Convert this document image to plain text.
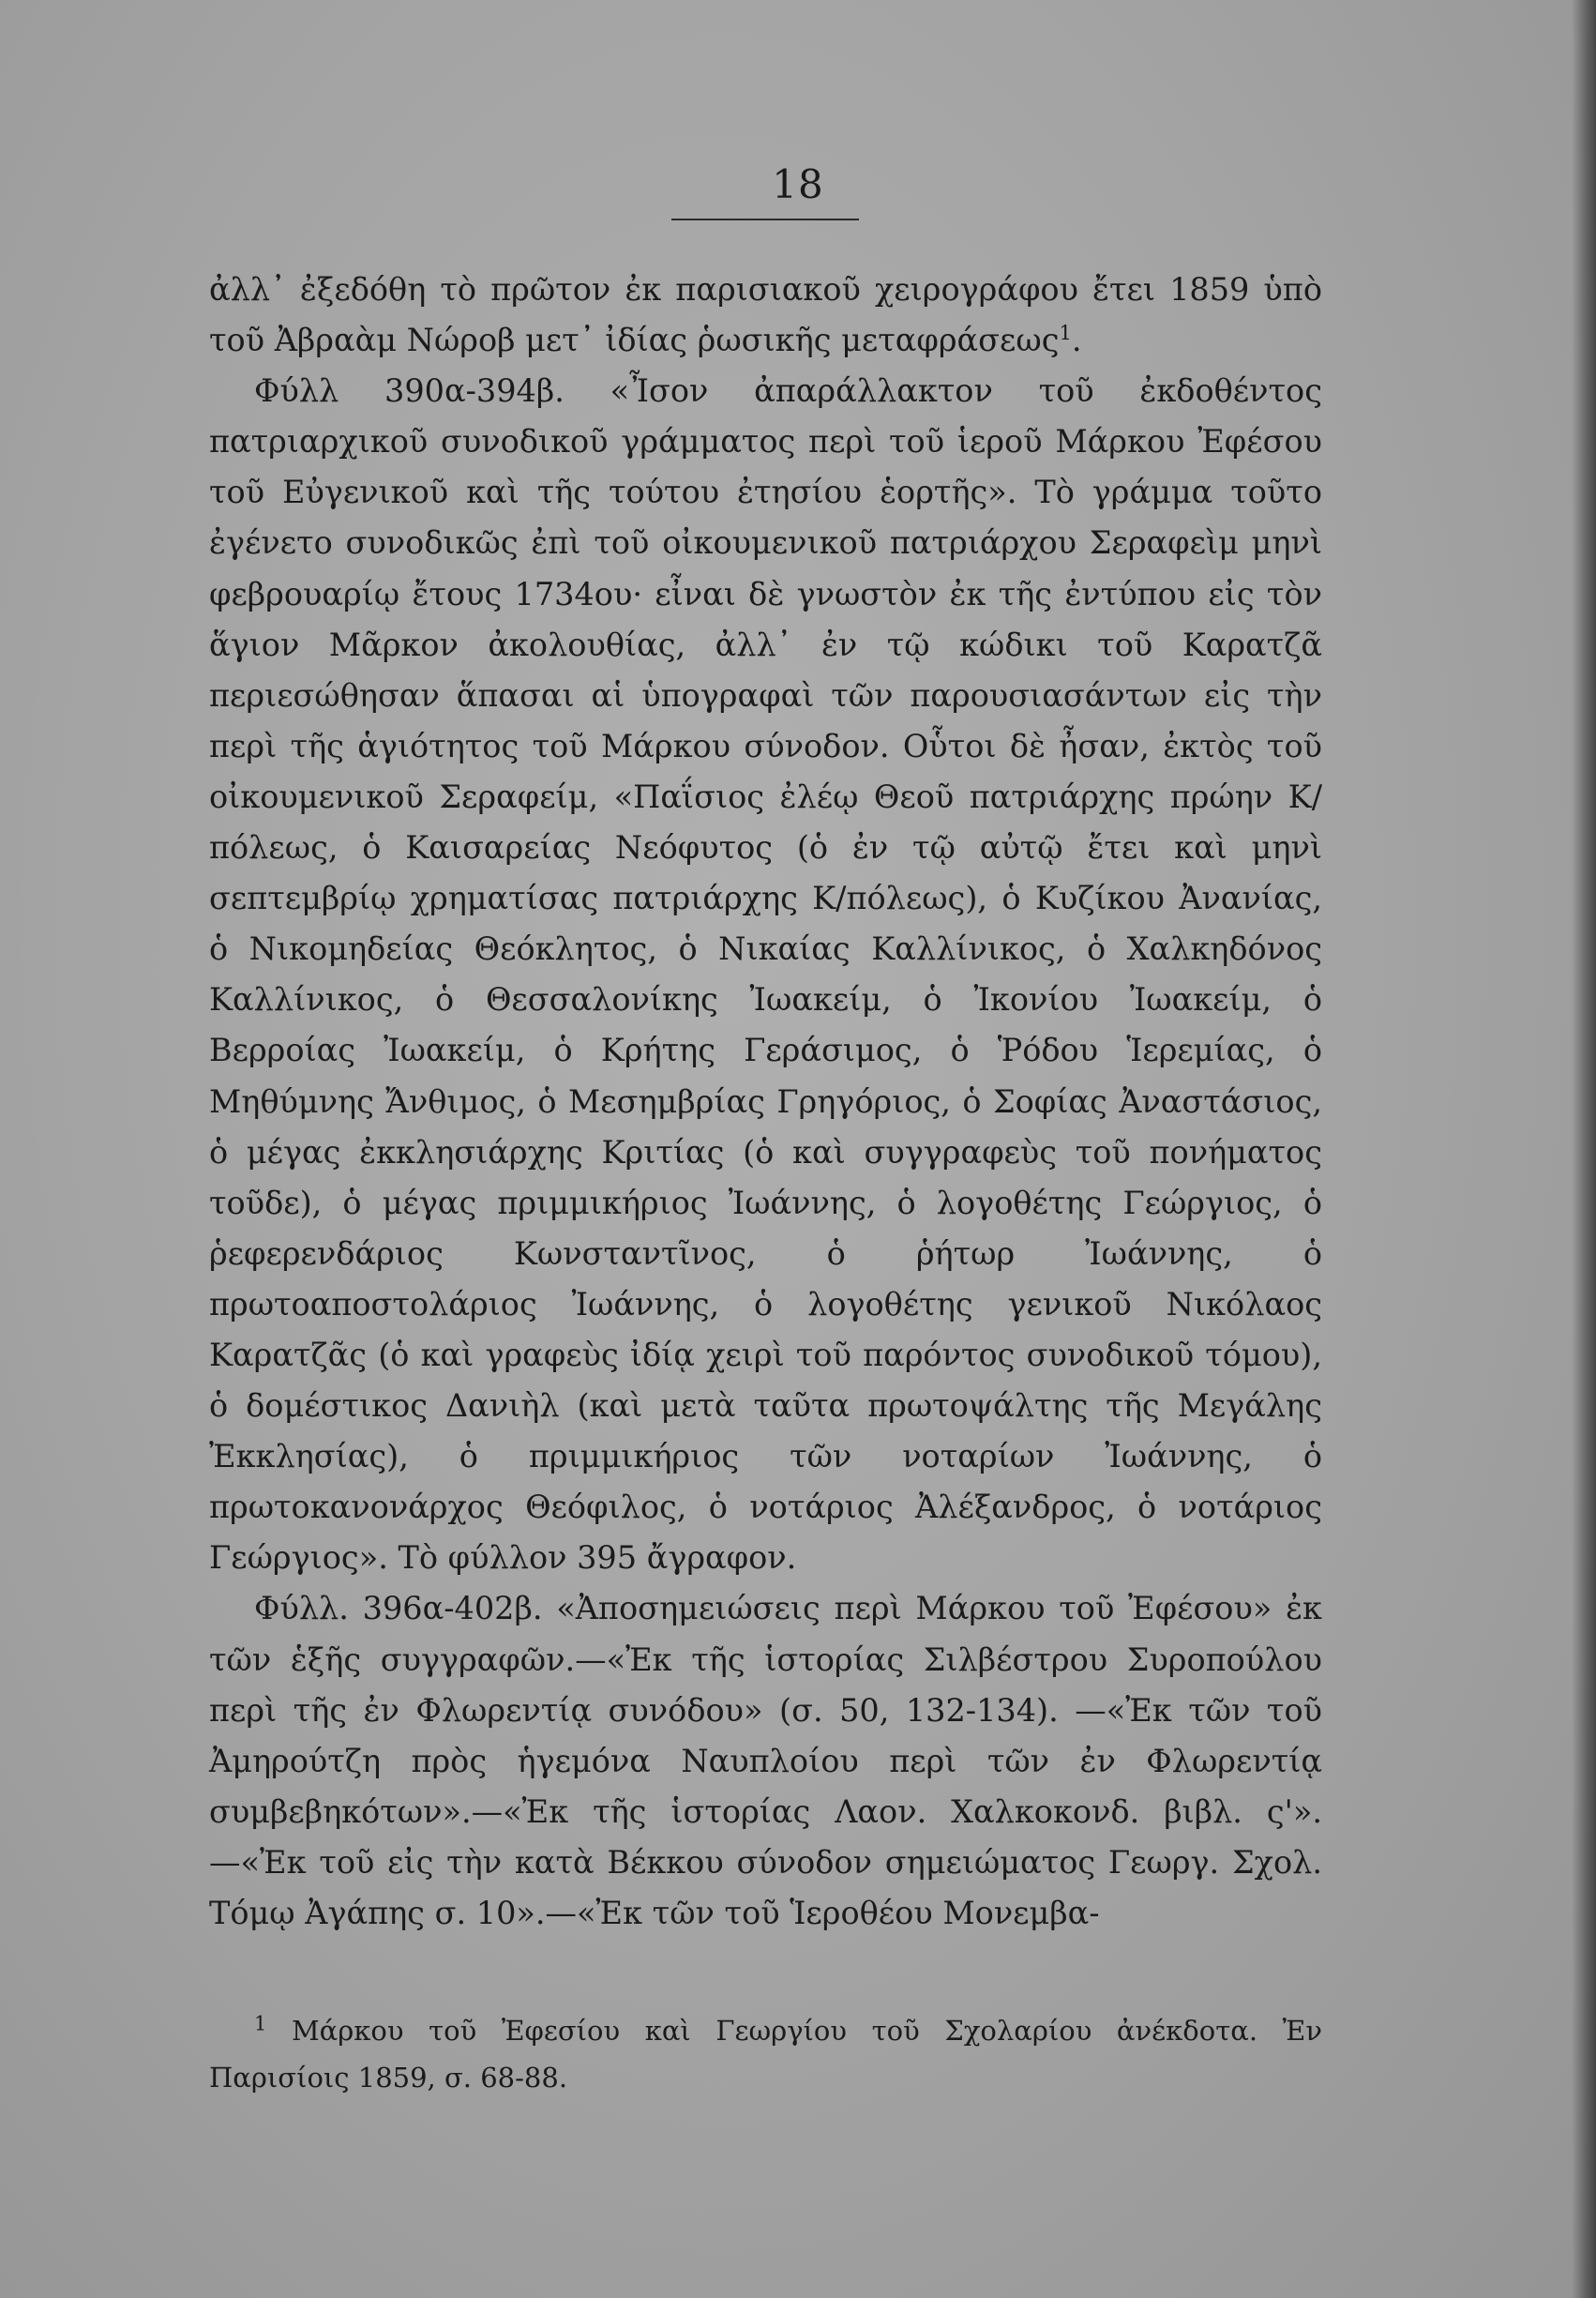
18

ἀλλ᾽ ἐξεδόθη τὸ πρῶτον ἐκ παρισιακοῦ χειρογράφου ἔτει 1859 ὑπὸ τοῦ Ἀβραὰμ Νώροβ μετ᾽ ἰδίας ῥωσικῆς μεταφράσεως$^1$.

Φύλλ 390α-394β. «Ἶσον ἀπαράλλακτον τοῦ ἐκδοθέντος πατριαρχικοῦ συνοδικοῦ γράμματος περὶ τοῦ ἱεροῦ Μάρκου Ἐφέσου τοῦ Εὐγενικοῦ καὶ τῆς τούτου ἐτησίου ἑορτῆς». Τὸ γράμμα τοῦτο ἐγένετο συνοδικῶς ἐπὶ τοῦ οἰκουμενικοῦ πατριάρχου Σεραφεὶμ μηνὶ φεβρουαρίῳ ἔτους 1734ου· εἶναι δὲ γνωστὸν ἐκ τῆς ἐντύπου εἰς τὸν ἅγιον Μᾶρκον ἀκολουθίας, ἀλλ᾽ ἐν τῷ κώδικι τοῦ Καρατζᾶ περιεσώθησαν ἅπασαι αἱ ὑπογραφαὶ τῶν παρουσιασάντων εἰς τὴν περὶ τῆς ἁγιότητος τοῦ Μάρκου σύνοδον. Οὗτοι δὲ ἦσαν, ἐκτὸς τοῦ οἰκουμενικοῦ Σεραφείμ, «Παΐσιος ἐλέῳ Θεοῦ πατριάρχης πρώην Κ/πόλεως, ὁ Καισαρείας Νεόφυτος (ὁ ἐν τῷ αὐτῷ ἔτει καὶ μηνὶ σεπτεμβρίῳ χρηματίσας πατριάρχης Κ/πόλεως), ὁ Κυζίκου Ἀνανίας, ὁ Νικομηδείας Θεόκλητος, ὁ Νικαίας Καλλίνικος, ὁ Χαλκηδόνος Καλλίνικος, ὁ Θεσσαλονίκης Ἰωακείμ, ὁ Ἰκονίου Ἰωακείμ, ὁ Βερροίας Ἰωακείμ, ὁ Κρήτης Γεράσιμος, ὁ Ῥόδου Ἱερεμίας, ὁ Μηθύμνης Ἄνθιμος, ὁ Μεσημβρίας Γρηγόριος, ὁ Σοφίας Ἀναστάσιος, ὁ μέγας ἐκκλησιάρχης Κριτίας (ὁ καὶ συγγραφεὺς τοῦ πονήματος τοῦδε), ὁ μέγας πριμμικήριος Ἰωάννης, ὁ λογοθέτης Γεώργιος, ὁ ῥεφερενδάριος Κωνσταντῖνος, ὁ ῥήτωρ Ἰωάννης, ὁ πρωτοαποστολάριος Ἰωάννης, ὁ λογοθέτης γενικοῦ Νικόλαος Καρατζᾶς (ὁ καὶ γραφεὺς ἰδίᾳ χειρὶ τοῦ παρόντος συνοδικοῦ τόμου), ὁ δομέστικος Δανιὴλ (καὶ μετὰ ταῦτα πρωτοψάλτης τῆς Μεγάλης Ἐκκλησίας), ὁ πριμμικήριος τῶν νοταρίων Ἰωάννης, ὁ πρωτοκανονάρχος Θεόφιλος, ὁ νοτάριος Ἀλέξανδρος, ὁ νοτάριος Γεώργιος». Τὸ φύλλον 395 ἄγραφον.

Φύλλ. 396α-402β. «Ἀποσημειώσεις περὶ Μάρκου τοῦ Ἐφέσου» ἐκ τῶν ἑξῆς συγγραφῶν.—«Ἐκ τῆς ἱστορίας Σιλβέστρου Συροπούλου περὶ τῆς ἐν Φλωρεντίᾳ συνόδου» (σ. 50, 132-134). —«Ἐκ τῶν τοῦ Ἀμηρούτζη πρὸς ἡγεμόνα Ναυπλοίου περὶ τῶν ἐν Φλωρεντίᾳ συμβεβηκότων».—«Ἐκ τῆς ἱστορίας Λαον. Χαλκοκονδ. βιβλ. ς'».—«Ἐκ τοῦ εἰς τὴν κατὰ Βέκκου σύνοδον σημειώματος Γεωργ. Σχολ. Τόμῳ Ἀγάπης σ. 10».—«Ἐκ τῶν τοῦ Ἱεροθέου Μονεμβα-

$^1$ Μάρκου τοῦ Ἐφεσίου καὶ Γεωργίου τοῦ Σχολαρίου ἀνέκδοτα. Ἐν Παρισίοις 1859, σ. 68-88.
